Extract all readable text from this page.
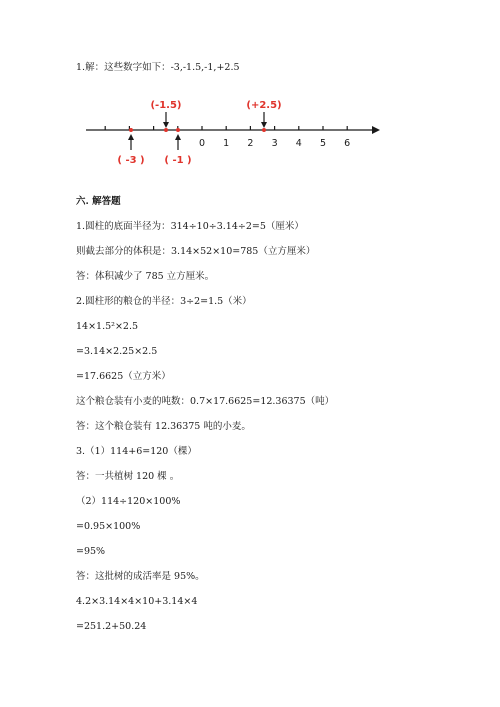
1.解：这些数字如下：-3,-1.5,-1,+2.5
0 1 2 3 4 5 6
(-1.5)	(+2.5)
( -3 ) ( -1 )
六. 解答题
1.圆柱的底面半径为：314÷10÷3.14÷2=5（厘米）
则截去部分的体积是：3.14×52×10=785（立方厘米）
答：体积减少了 785 立方厘米。
2.圆柱形的粮仓的半径：3÷2=1.5（米）
14×1.5²×2.5
=3.14×2.25×2.5
=17.6625（立方米）
这个粮仓装有小麦的吨数：0.7×17.6625=12.36375（吨）
答：这个粮仓装有 12.36375 吨的小麦。
3.（1）114+6=120（棵）
答：一共植树 120 棵 。
（2）114÷120×100%
=0.95×100%
=95%
答：这批树的成活率是 95%。
4.2×3.14×4×10+3.14×4
=251.2+50.24
